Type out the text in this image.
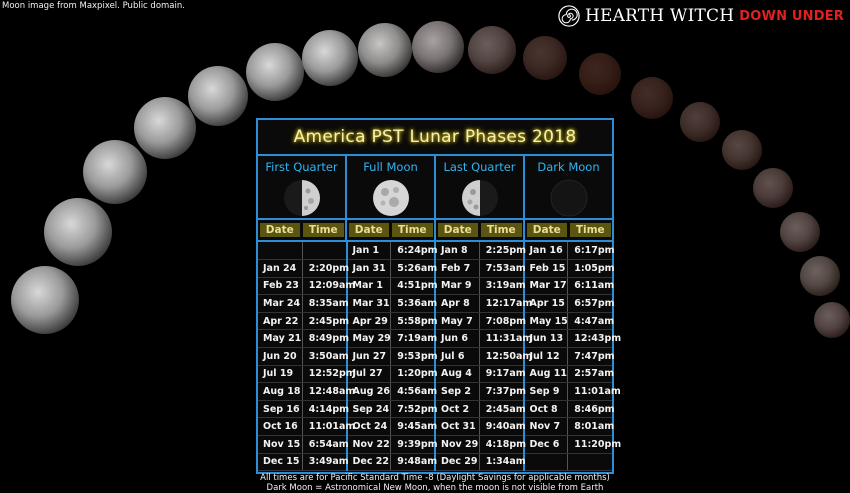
Moon image from Maxpixel. Public domain.	HEARTH WITCH DOWN UNDER
America PST Lunar Phases 2018
First Quarter Full Moon Last Quarter Dark Moon
Date	Time	Date	Time	Date	Time	Date	Time
		Jan 1	6:24pm	Jan 8	2:25pm	Jan 16	6:17pm
Jan 24	2:20pm	Jan 31	5:26am	Feb 7	7:53am	Feb 15	1:05pm
Feb 23	12:09am	Mar 1	4:51pm	Mar 9	3:19am	Mar 17	6:11am
Mar 24	8:35am	Mar 31	5:36am	Apr 8	12:17am	Apr 15	6:57pm
Apr 22	2:45pm	Apr 29	5:58pm	May 7	7:08pm	May 15	4:47am
May 21	8:49pm	May 29	7:19am	Jun 6	11:31am	Jun 13	12:43pm
Jun 20	3:50am	Jun 27	9:53pm	Jul 6	12:50am	Jul 12	7:47pm
Jul 19	12:52pm	Jul 27	1:20pm	Aug 4	9:17am	Aug 11	2:57am
Aug 18	12:48am	Aug 26	4:56am	Sep 2	7:37pm	Sep 9	11:01am
Sep 16	4:14pm	Sep 24	7:52pm	Oct 2	2:45am	Oct 8	8:46pm
Oct 16	11:01am	Oct 24	9:45am	Oct 31	9:40am	Nov 7	8:01am
Nov 15	6:54am	Nov 22	9:39pm	Nov 29	4:18pm	Dec 6	11:20pm
Dec 15	3:49am	Dec 22	9:48am	Dec 29	1:34am		
All times are for Pacific Standard Time -8 (Daylight Savings for applicable months)
Dark Moon = Astronomical New Moon, when the moon is not visible from Earth
